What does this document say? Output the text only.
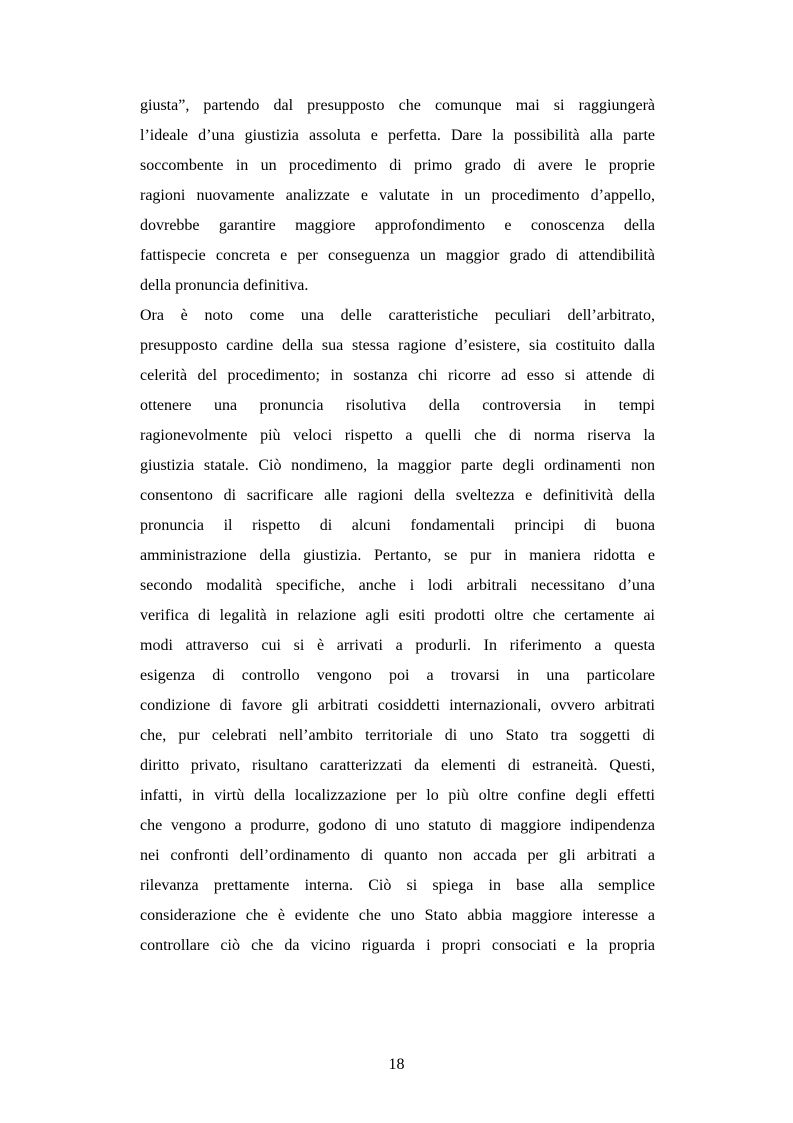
giusta”, partendo dal presupposto che comunque mai si raggiungerà
l’ideale d’una giustizia assoluta e perfetta. Dare la possibilità alla parte
soccombente in un procedimento di primo grado di avere le proprie
ragioni nuovamente analizzate e valutate in un procedimento d’appello,
dovrebbe garantire maggiore approfondimento e conoscenza della
fattispecie concreta e per conseguenza un maggior grado di attendibilità
della pronuncia definitiva.
Ora è noto come una delle caratteristiche peculiari dell’arbitrato,
presupposto cardine della sua stessa ragione d’esistere, sia costituito dalla
celerità del procedimento; in sostanza chi ricorre ad esso si attende di
ottenere una pronuncia risolutiva della controversia in tempi
ragionevolmente più veloci rispetto a quelli che di norma riserva la
giustizia statale. Ciò nondimeno, la maggior parte degli ordinamenti non
consentono di sacrificare alle ragioni della sveltezza e definitività della
pronuncia il rispetto di alcuni fondamentali principi di buona
amministrazione della giustizia. Pertanto, se pur in maniera ridotta e
secondo modalità specifiche, anche i lodi arbitrali necessitano d’una
verifica di legalità in relazione agli esiti prodotti oltre che certamente ai
modi attraverso cui si è arrivati a produrli. In riferimento a questa
esigenza di controllo vengono poi a trovarsi in una particolare
condizione di favore gli arbitrati cosiddetti internazionali, ovvero arbitrati
che, pur celebrati nell’ambito territoriale di uno Stato tra soggetti di
diritto privato, risultano caratterizzati da elementi di estraneità. Questi,
infatti, in virtù della localizzazione per lo più oltre confine degli effetti
che vengono a produrre, godono di uno statuto di maggiore indipendenza
nei confronti dell’ordinamento di quanto non accada per gli arbitrati a
rilevanza prettamente interna. Ciò si spiega in base alla semplice
considerazione che è evidente che uno Stato abbia maggiore interesse a
controllare ciò che da vicino riguarda i propri consociati e la propria
18
